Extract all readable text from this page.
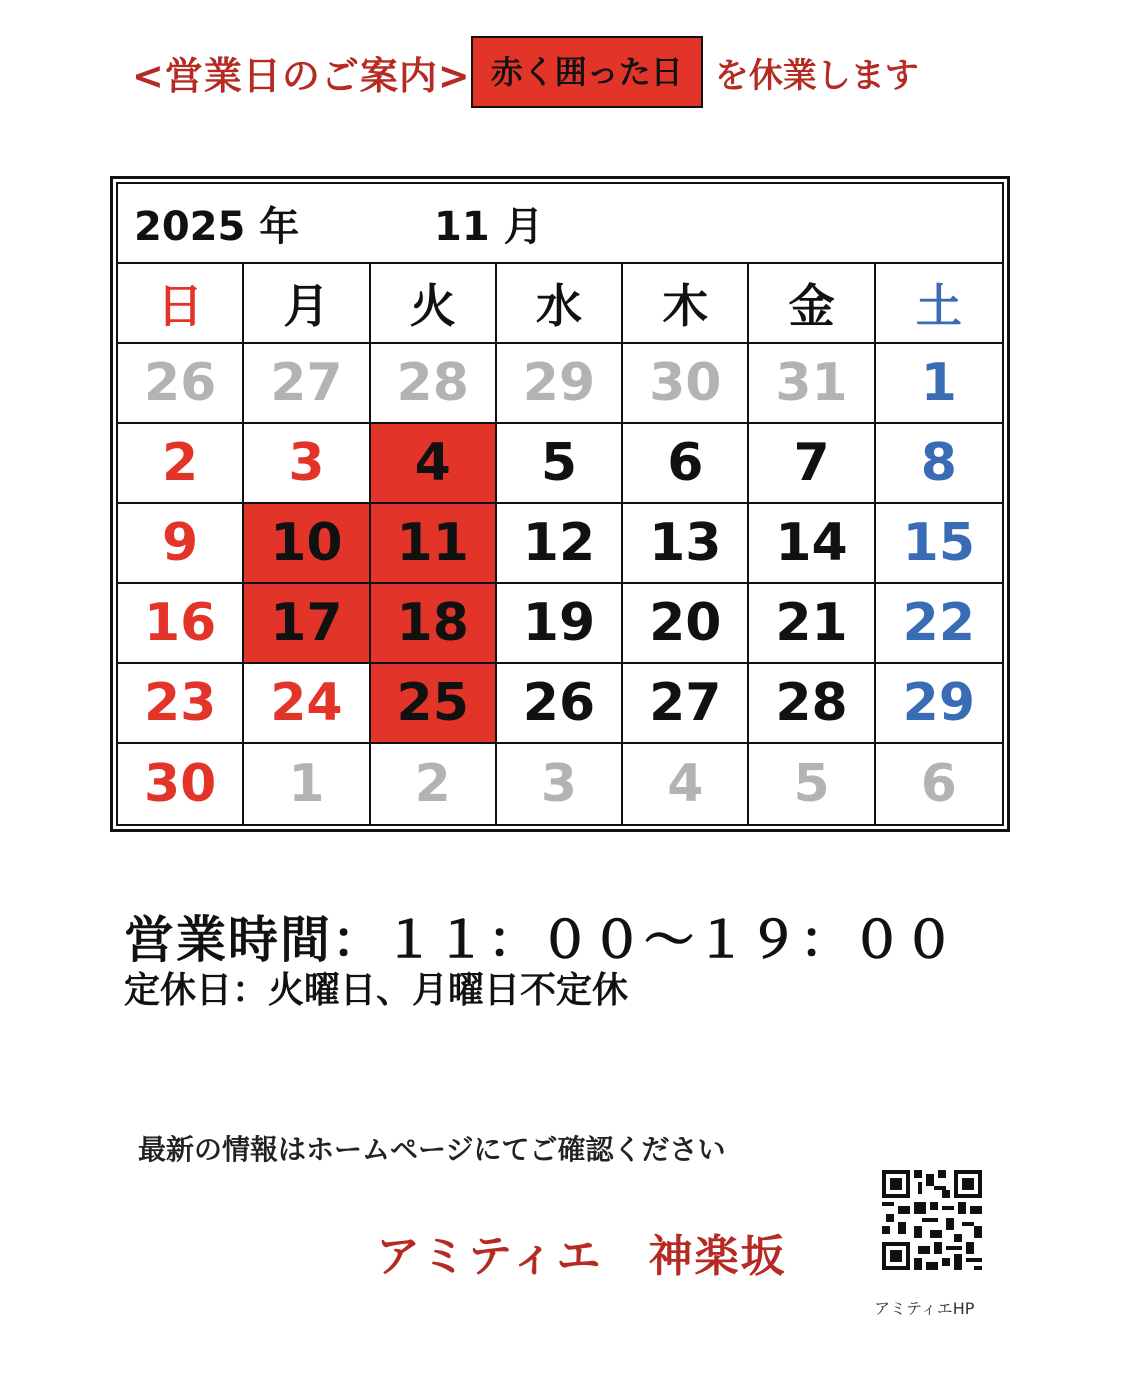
<営業日のご案内> 赤く囲った日 を休業します
2025 年	11 月
日	月	火	水	木	金	土
26	27	28	29	30	31	1
2	3	4	5	6	7	8
9	10	11	12	13	14	15
16	17	18	19	20	21	22
23	24	25	26	27	28	29
30	1	2	3	4	5	6
営業時間：１１：００～１９：００
定休日：火曜日、月曜日不定休
最新の情報はホームページにてご確認ください
アミティエ　神楽坂
アミティエHP
